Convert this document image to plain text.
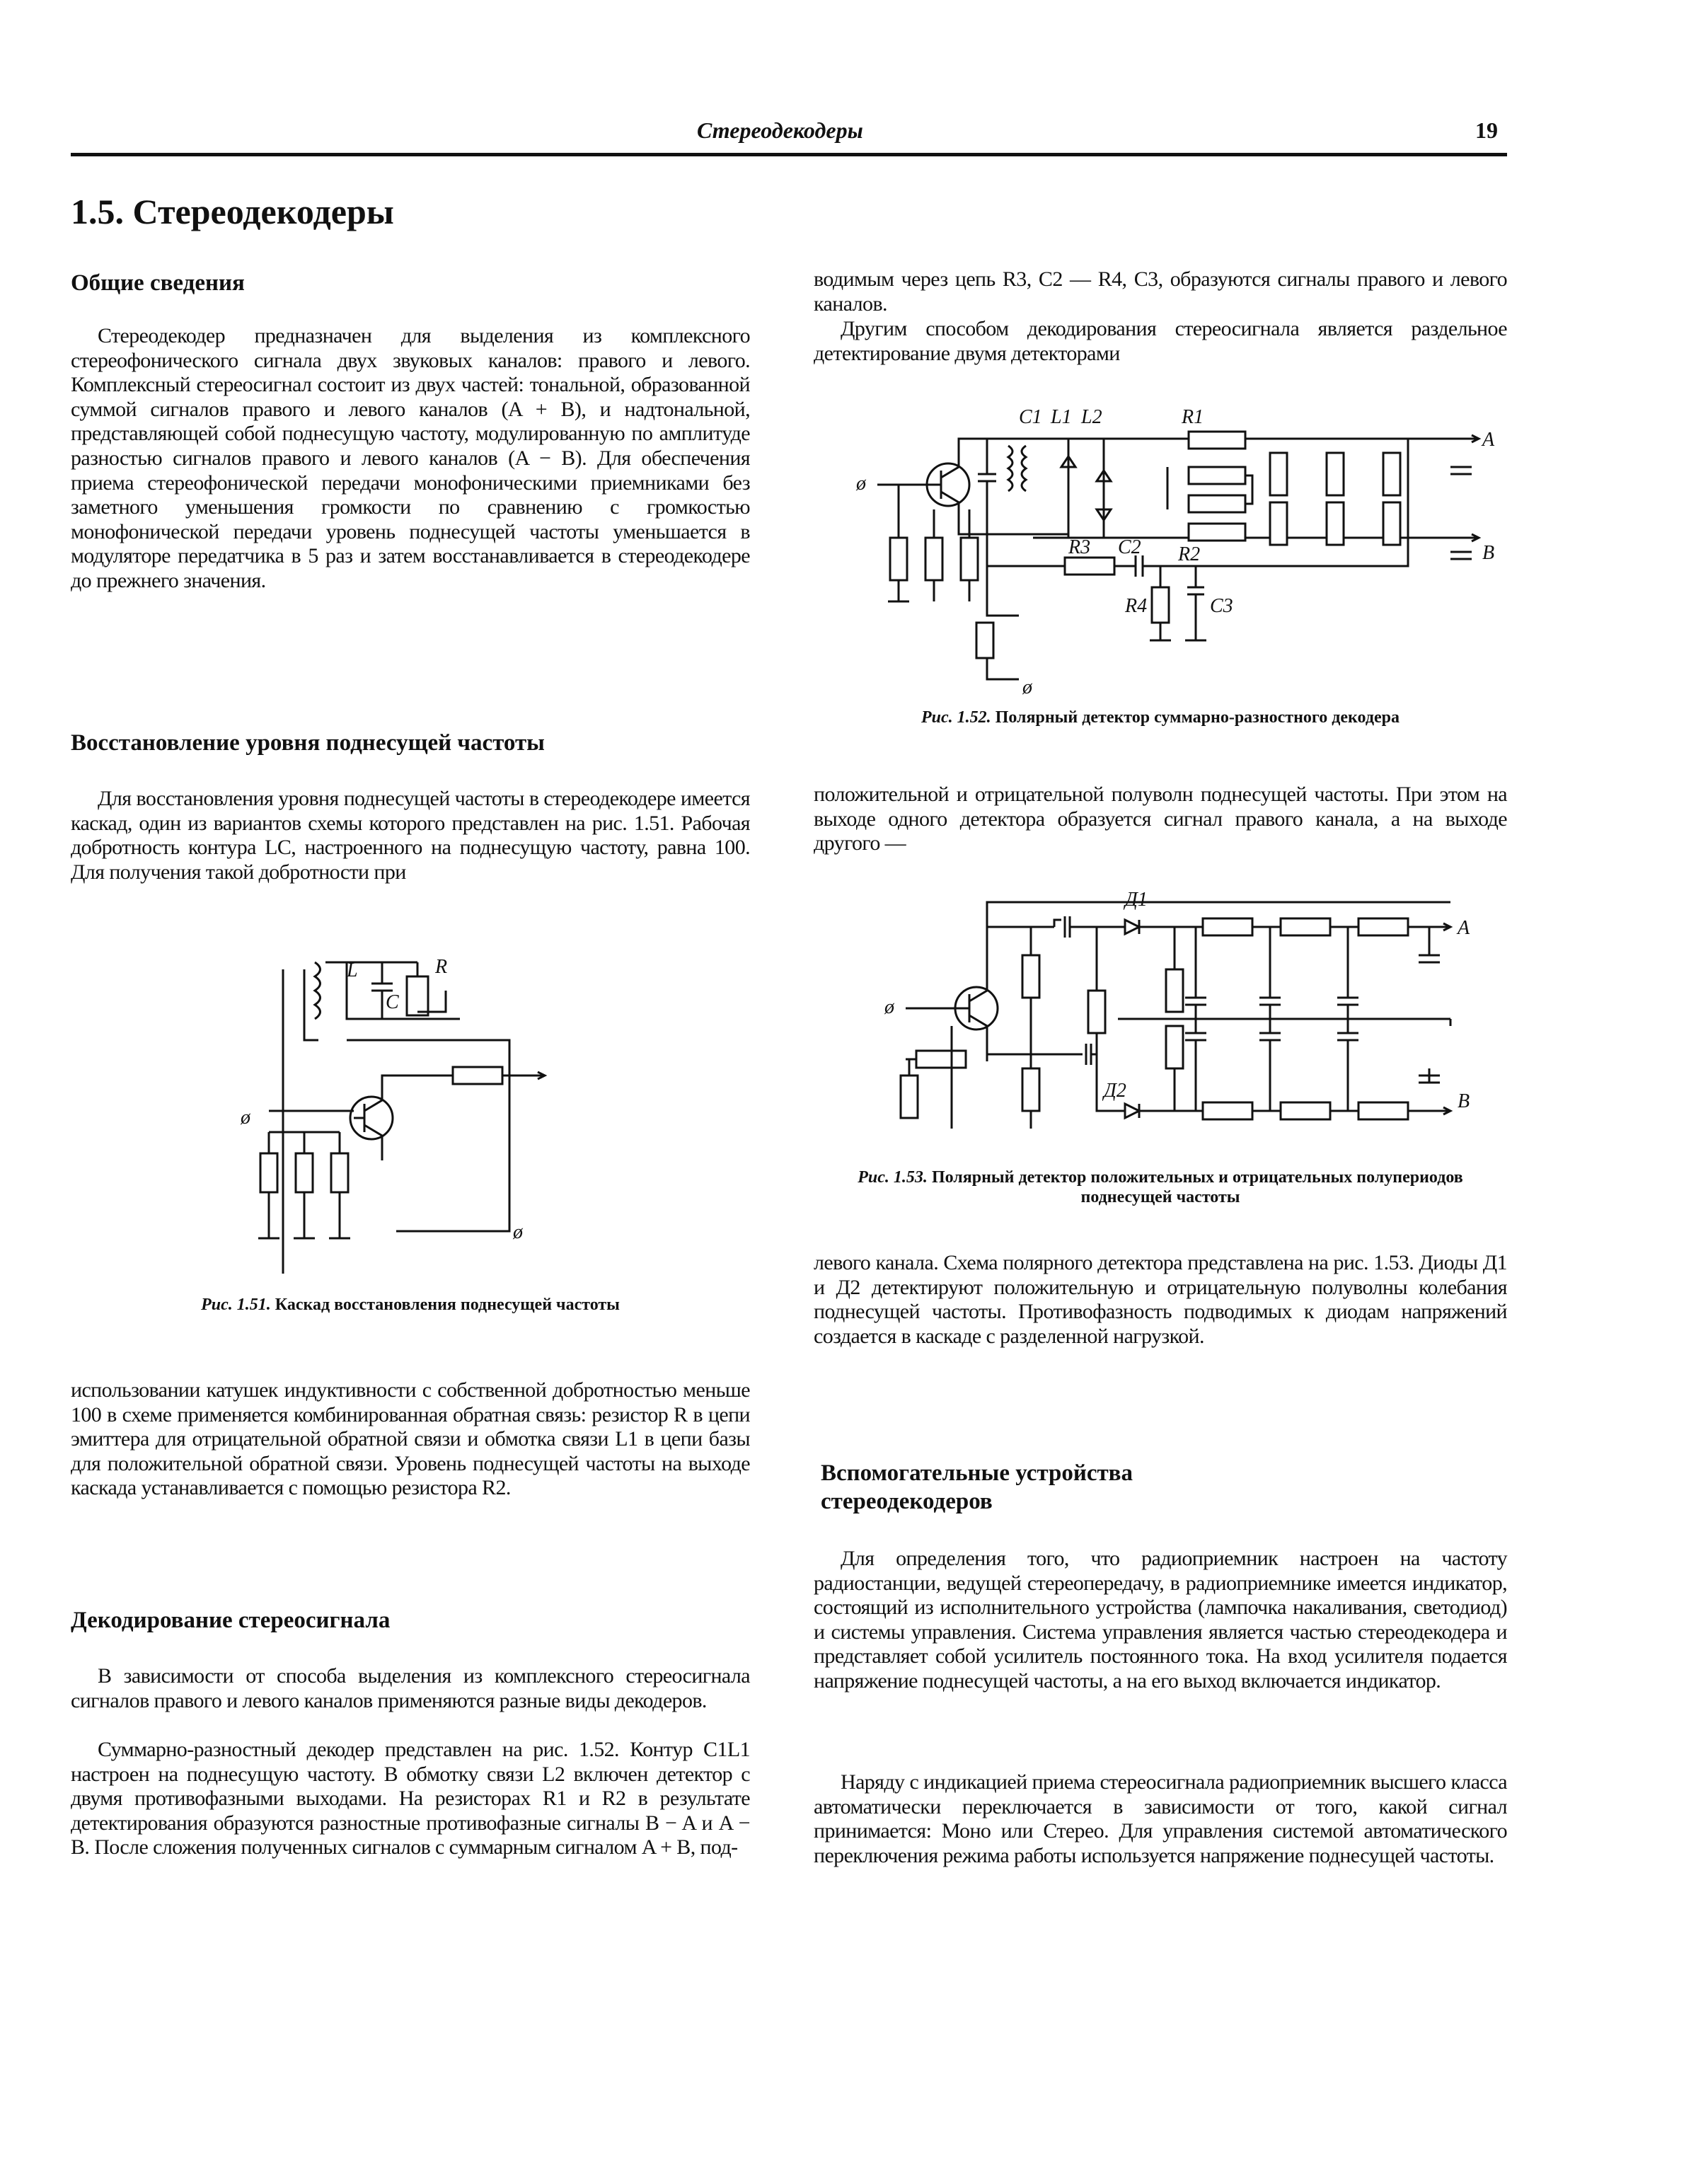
Стереодекодеры	19
1.5. Стереодекодеры
Общие сведения

Стереодекодер предназначен для выделения из комплексного стереофонического сигнала двух звуковых каналов: правого и левого. Комплексный стереосигнал состоит из двух частей: тональной, образованной суммой сигналов правого и левого каналов (A + B), и надтональной, представляющей собой поднесущую частоту, модулированную по амплитуде разностью сигналов правого и левого каналов (A − B). Для обеспечения приема стереофонической передачи монофоническими приемниками без заметного уменьшения громкости по сравнению с громкостью монофонической передачи уровень поднесущей частоты уменьшается в модуляторе передатчика в 5 раз и затем восстанавливается в стереодекодере до прежнего значения.

Восстановление уровня поднесущей частоты

Для восстановления уровня поднесущей частоты в стереодекодере имеется каскад, один из вариантов схемы которого представлен на рис. 1.51. Рабочая добротность контура LC, настроенного на поднесущую частоту, равна 100. Для получения такой добротности при

L
C
R
ø
ø
Рис. 1.51. Каскад восстановления поднесущей частоты

использовании катушек индуктивности с собственной добротностью меньше 100 в схеме применяется комбинированная обратная связь: резистор R в цепи эмиттера для отрицательной обратной связи и обмотка связи L1 в цепи базы для положительной обратной связи. Уровень поднесущей частоты на выходе каскада устанавливается с помощью резистора R2.

Декодирование стереосигнала

В зависимости от способа выделения из комплексного стереосигнала сигналов правого и левого каналов применяются разные виды декодеров.

Суммарно-разностный декодер представлен на рис. 1.52. Контур C1L1 настроен на поднесущую частоту. В обмотку связи L2 включен детектор с двумя противофазными выходами. На резисторах R1 и R2 в результате детектирования образуются разностные противофазные сигналы B − A и A − B. После сложения полученных сигналов с суммарным сигналом A + B, под-

водимым через цепь R3, C2 — R4, C3, образуются сигналы правого и левого каналов.

Другим способом декодирования стереосигнала является раздельное детектирование двумя детекторами

ø
ø
C1 L1 L2	R1
R2
R3 C2
R4	C3
A
B
Рис. 1.52. Полярный детектор суммарно-разностного декодера

положительной и отрицательной полуволн поднесущей частоты. При этом на выходе одного детектора образуется сигнал правого канала, а на выходе другого —

ø
Д1
Д2
A
B
Рис. 1.53. Полярный детектор положительных и отрицательных полупериодов поднесущей частоты

левого канала. Схема полярного детектора представлена на рис. 1.53. Диоды Д1 и Д2 детектируют положительную и отрицательную полуволны колебания поднесущей частоты. Противофазность подводимых к диодам напряжений создается в каскаде с разделенной нагрузкой.

Вспомогательные устройства стереодекодеров

Для определения того, что радиоприемник настроен на частоту радиостанции, ведущей стереопередачу, в радиоприемнике имеется индикатор, состоящий из исполнительного устройства (лампочка накаливания, светодиод) и системы управления. Система управления является частью стереодекодера и представляет собой усилитель постоянного тока. На вход усилителя подается напряжение поднесущей частоты, а на его выход включается индикатор.

Наряду с индикацией приема стереосигнала радиоприемник высшего класса автоматически переключается в зависимости от того, какой сигнал принимается: Моно или Стерео. Для управления системой автоматического переключения режима работы используется напряжение поднесущей частоты.
